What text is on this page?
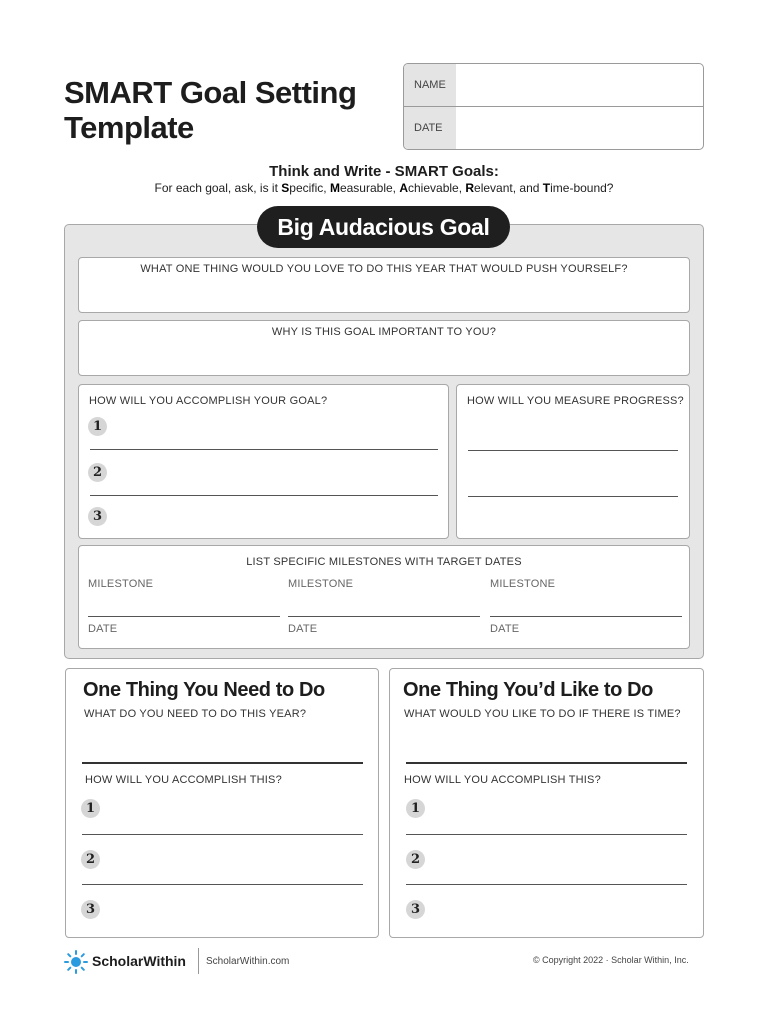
SMART Goal Setting
Template
NAME
DATE
Think and Write - SMART Goals:
For each goal, ask, is it Specific, Measurable, Achievable, Relevant, and Time-bound?
WHAT ONE THING WOULD YOU LOVE TO DO THIS YEAR THAT WOULD PUSH YOURSELF?
WHY IS THIS GOAL IMPORTANT TO YOU?
HOW WILL YOU ACCOMPLISH YOUR GOAL?
1
2
3
HOW WILL YOU MEASURE PROGRESS?
LIST SPECIFIC MILESTONES WITH TARGET DATES
MILESTONE
DATE
MILESTONE
DATE
MILESTONE
DATE
Big Audacious Goal
One Thing You Need to Do
WHAT DO YOU NEED TO DO THIS YEAR?
HOW WILL YOU ACCOMPLISH THIS?
1
2
3
One Thing You’d Like to Do
WHAT WOULD YOU LIKE TO DO IF THERE IS TIME?
HOW WILL YOU ACCOMPLISH THIS?
1
2
3
ScholarWithin ScholarWithin.com	© Copyright 2022 · Scholar Within, Inc.
